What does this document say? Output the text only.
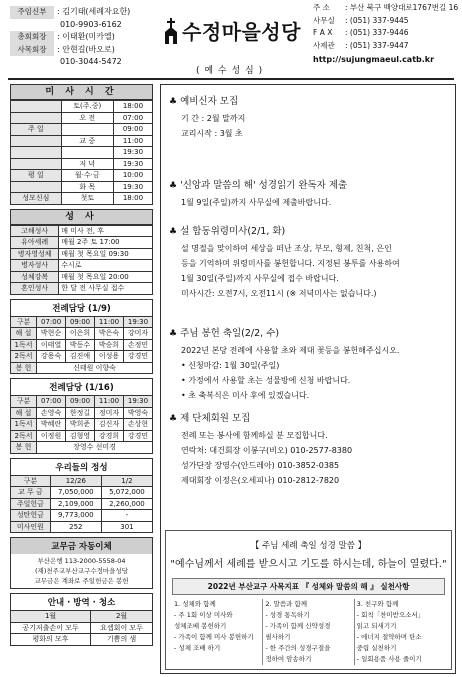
주임신부	: 김기태(세례자요한)
010-9903-6162
총회회장	: 이태환(미카엘)
사목회장	: 안현길(바오로)
010-3044-5472
수정마을성당
( 예 수 성 심 )
주 소	: 부산 북구 백양대로1767번길 16
사무실	: (051) 337-9445
F A X	: (051) 337-9446
사제관	: (051) 337-9447
http://sujungmaeul.catb.kr
미 사 시 간
	토(주.중)	18:00
	오 전	07:00
주 일		09:00
	교 중	11:00
		19:30
	저 녁	19:30
평 일	월·수·금	10:00
	화 목	19:30
성모신심	첫토	18:00
성 사
고해성사	매 미사 전, 후
유아세례	매월 2주 토 17:00
병자영성체	매월 첫 목요일 09:30
병자성사	수시로
성체강복	매월 첫 목요일 20:00
혼인성사	한 달 전 사무실 접수
전례담당 (1/9)
구분	07:00	09:00	11:00	19:30
해 설	박현순	이은희	박은숙	강미자
1독서	이태열	박동수	박승희	손정민
2독서	강용숙	김진애	이성용	강경민
봉 헌	신태원 이향숙			
전례담당 (1/16)
구분	07:00	09:00	11:00	19:30
해 설	손영숙	한정길	정미자	박영숙
1독서	박혜란	박희준	김신자	손상현
2독서	이정원	김형영	강경희	강경민
봉 헌	장영수 선미경			
우리들의 정성
구분	12/26	1/2
교 무 금	7,050,000	5,072,000
주일헌금	2,109,000	2,260,000
성탄헌금	9,773,000	-
미사인원	252	301
교무금 자동이체
부산은행 113-2000-5558-04
(재)천주교부산교구수정마을성당
교무금은 계좌로 주일헌금은 봉헌
안내 · 방역 · 청소
1월	2월
공기저출손이 모두	요셉회이 모두
평화의 모후	기쁨의 샘
♣ 예비신자 모집

기 간 : 2월 말까지

교리시작 : 3월 초

♣ '신앙과 말씀의 해' 성경읽기 완독자 제출

1월 9일(주일)까지 사무실에 제출바랍니다.

♣ 설 합동위령미사(2/1, 화)

설 명절을 맞이하여 세상을 떠난 조상, 부모, 형제, 친척, 은인

등을 기억하며 위령미사를 봉헌합니다. 지정된 봉투를 사용하여

1월 30일(주일)까지 사무실에 접수 바랍니다.

미사시간: 오전7시, 오전11시 (※ 저녁미사는 없습니다.)

♣ 주님 봉헌 축일(2/2, 수)

2022년 본당 전례에 사용할 초와 제대 꽃등을 봉헌해주십시오.

• 신청마감: 1월 30일(주일)

• 가정에서 사용할 초는 성물방에 신청 바랍니다.

• 초 축복식은 미사 후에 있겠습니다.

♣ 제 단체회원 모집

전례 또는 봉사에 함께하실 분 모집합니다.

연락처: 대건회장 이봉구(비오) 010-2577-8380

성가단장 장영수(안드레아) 010-3852-0385

제대회장 이정은(오세피나) 010-2812-7820

【 주님 세례 축일 성경 말씀 】
"예수님께서 세례를 받으시고 기도를 하시는데, 하늘이 열렸다."
2022년 부산교구 사목지표 『 성체와 말씀의 해 』 실천사항
1. 성체와 함께
- 주 1회 이상 미사와
성체조배 봉헌하기
- 가족이 함께 미사 봉헌하기
- 성체 조배 하기
2. 말씀과 함께
- 성경 통독하기
- 가족이 함께 신약성경
필사하기
- 한 주간의 성경구절을
정하여 암송하기
3. 친구와 함께
- 회칙「찬미받으소서」
읽고 되새기기
- 에너지 절약하며 탄소
중립 실천하기
- 일회용품 사용 줄이기
